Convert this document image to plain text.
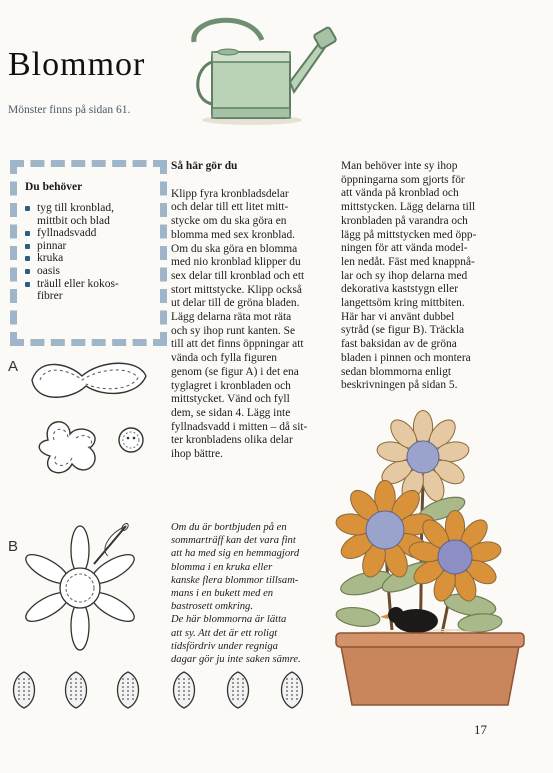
Blommor
Mönster finns på sidan 61.
Du behöver
tyg till kronblad,
mittbit och blad
fyllnadsvadd
pinnar
kruka
oasis
träull eller kokos-
fibrer
Så här gör du

Klipp fyra kronbladsdelar

och delar till ett litet mitt-

stycke om du ska göra en

blomma med sex kronblad.

Om du ska göra en blomma

med nio kronblad klipper du

sex delar till kronblad och ett

stort mittstycke. Klipp också

ut delar till de gröna bladen.

Lägg delarna räta mot räta

och sy ihop runt kanten. Se

till att det finns öppningar att

vända och fylla figuren

genom (se figur A) i det ena

tyglagret i kronbladen och

mittstycket. Vänd och fyll

dem, se sidan 4. Lägg inte

fyllnadsvadd i mitten – då sit-

ter kronbladens olika delar

ihop bättre.

Man behöver inte sy ihop

öppningarna som gjorts för

att vända på kronblad och

mittstycken. Lägg delarna till

kronbladen på varandra och

lägg på mittstycken med öpp-

ningen för att vända model-

len nedåt. Fäst med knappnå-

lar och sy ihop delarna med

dekorativa kaststygn eller

langettsöm kring mittbiten.

Här har vi använt dubbel

sytråd (se figur B). Träckla

fast baksidan av de gröna

bladen i pinnen och montera

sedan blommorna enligt

beskrivningen på sidan 5.

Om du är bortbjuden på en

sommarträff kan det vara fint

att ha med sig en hemmagjord

blomma i en kruka eller

kanske flera blommor tillsam-

mans i en bukett med en

bastrosett omkring.

De här blommorna är lätta

att sy. Att det är ett roligt

tidsfördriv under regniga

dagar gör ju inte saken sämre.

A
B
17
